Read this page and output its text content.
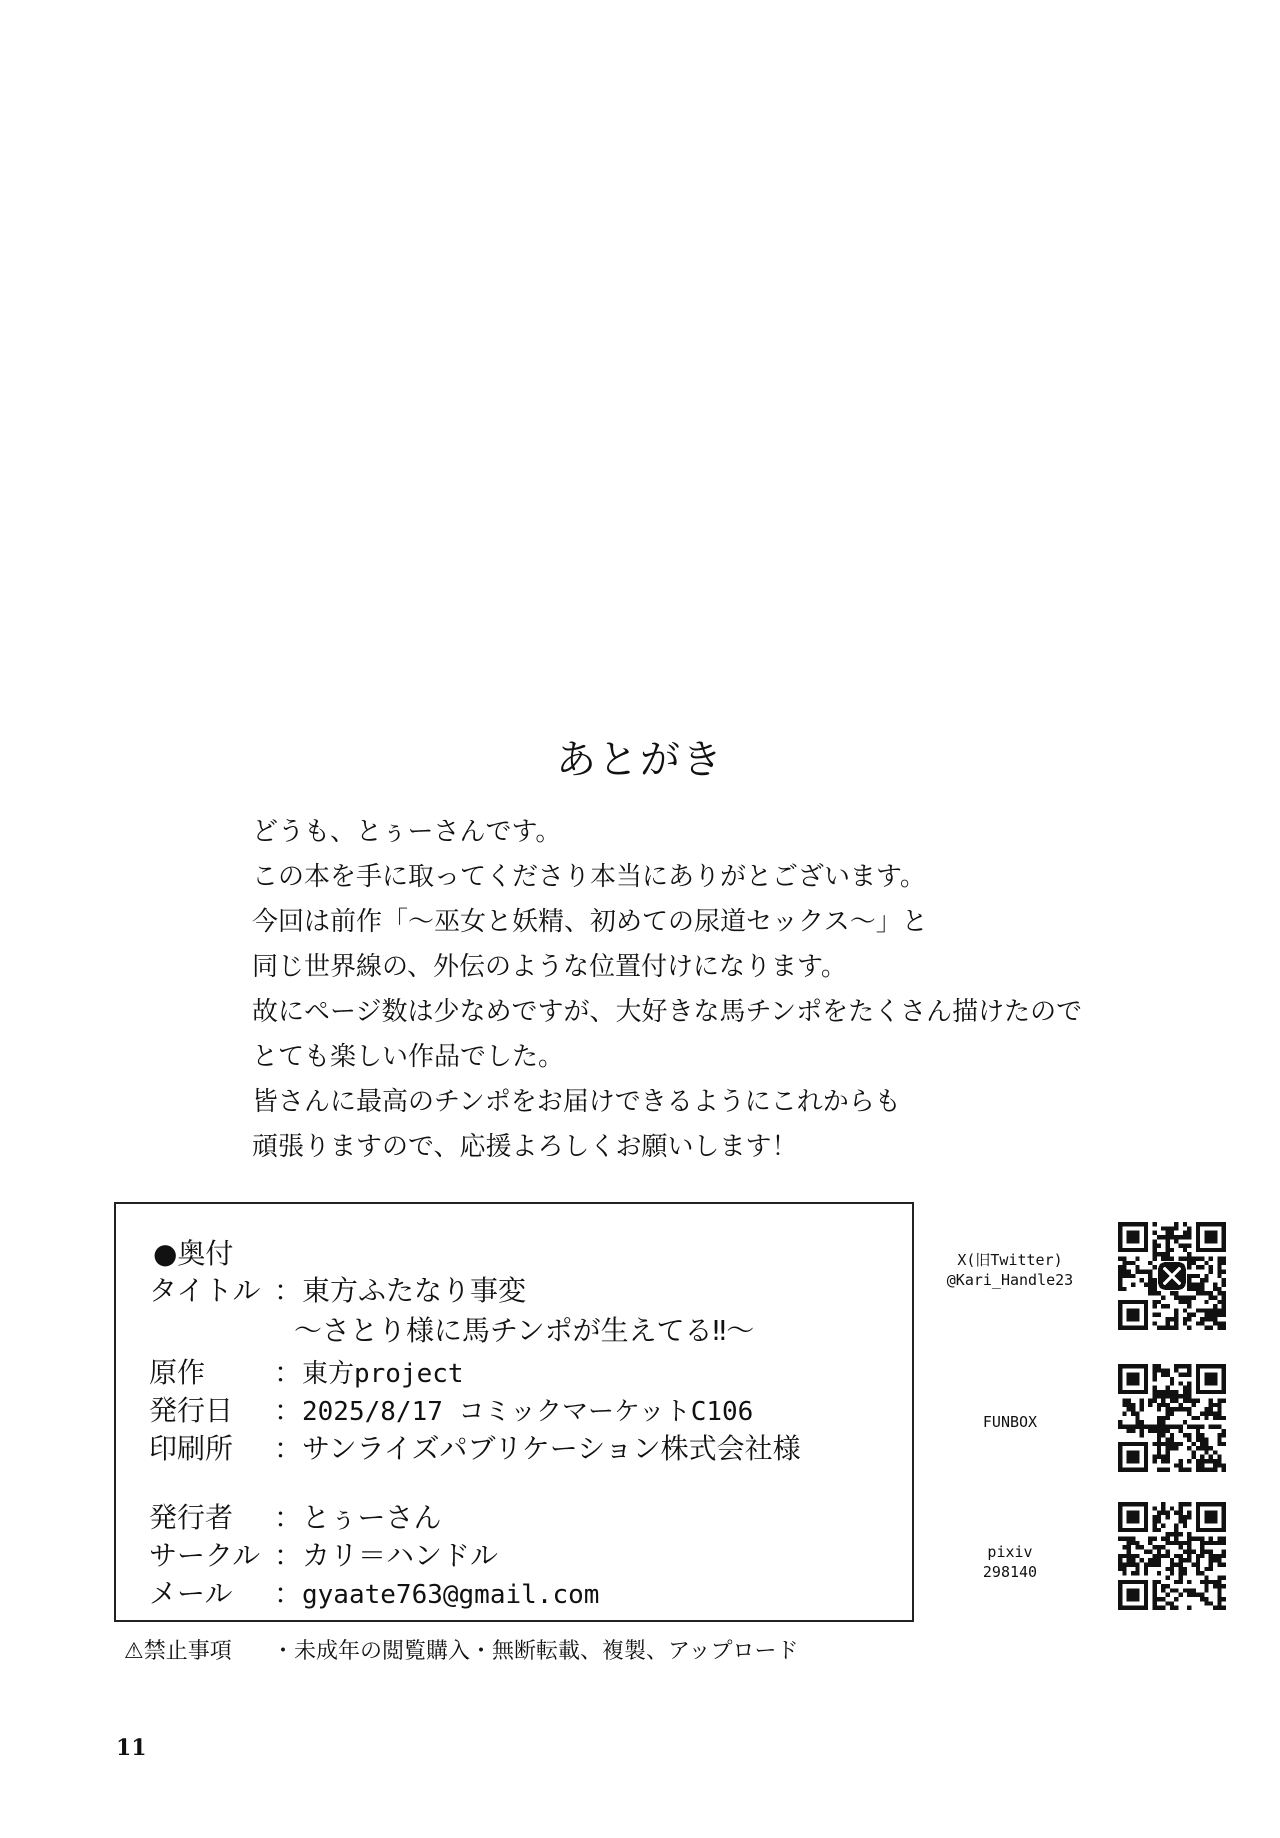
あとがき
どうも、とぅーさんです。
この本を手に取ってくださり本当にありがとございます。
今回は前作「～巫女と妖精、初めての尿道セックス～」と
同じ世界線の、外伝のような位置付けになります。
故にページ数は少なめですが、大好きな馬チンポをたくさん描けたので
とても楽しい作品でした。
皆さんに最高のチンポをお届けできるようにこれからも
頑張りますので、応援よろしくお願いします！
●奥付
タイトル ：東方ふたなり事変
～さとり様に馬チンポが生えてる‼～
原作 ：東方project
発行日 ：2025/8/17 コミックマーケットC106
印刷所 ：サンライズパブリケーション株式会社様
発行者 ：とぅーさん
サークル ：カリ＝ハンドル
メール ：gyaate763@gmail.com
⚠禁止事項 ・未成年の閲覧購入・無断転載、複製、アップロード
11
X(旧Twitter)
@Kari_Handle23
FUNBOX
pixiv
298140
